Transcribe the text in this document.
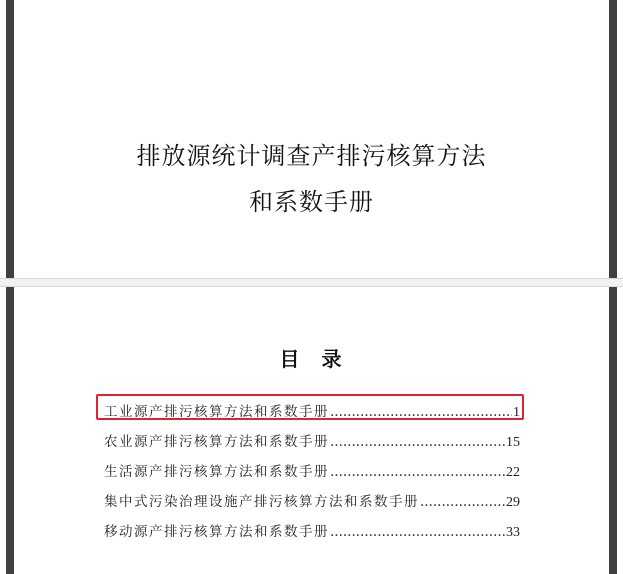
排放源统计调查产排污核算方法
和系数手册
目 录
工业源产排污核算方法和系数手册 .....	1
农业源产排污核算方法和系数手册 .....	15
生活源产排污核算方法和系数手册 .....	22
集中式污染治理设施产排污核算方法和系数手册 .....	29
移动源产排污核算方法和系数手册 .....	33
